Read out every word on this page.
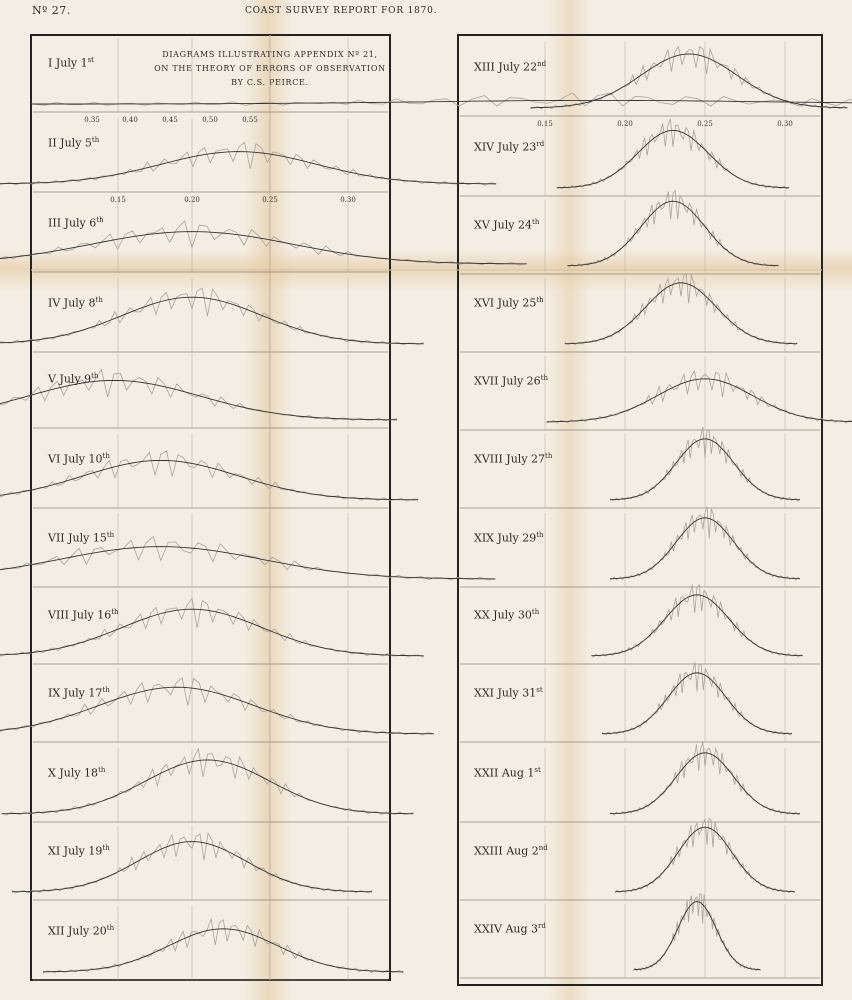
Nº 27.	COAST SURVEY REPORT FOR 1870.
DIAGRAMS ILLUSTRATING APPENDIX Nº 21,
ON THE THEORY OF ERRORS OF OBSERVATION
BY C.S. PEIRCE.
0.35	0.40	0.45	0.50	0.55
0.15	0.20	0.25	0.30
0.15	0.20	0.25	0.30
I July 1st
II July 5th
III July 6th
IV July 8th
V July 9th
VI July 10th
VII July 15th
VIII July 16th
IX July 17th
X July 18th
XI July 19th
XII July 20th
XIII July 22nd
XIV July 23rd
XV July 24th
XVI July 25th
XVII July 26th
XVIII July 27th
XIX July 29th
XX July 30th
XXI July 31st
XXII Aug 1st
XXIII Aug 2nd
XXIV Aug 3rd
